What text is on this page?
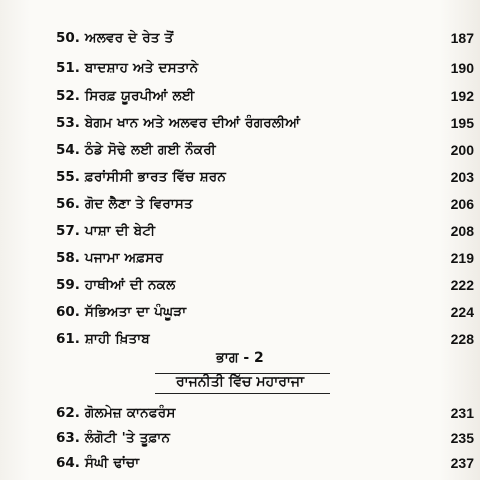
50. ਅਲਵਰ ਦੇ ਰੇਤ ਤੋਂ	187
51. ਬਾਦਸ਼ਾਹ ਅਤੇ ਦਸਤਾਨੇ	190
52. ਸਿਰਫ਼ ਯੂਰਪੀਆਂ ਲਈ	192
53. ਬੇਗਮ ਖਾਨ ਅਤੇ ਅਲਵਰ ਦੀਆਂ ਰੰਗਰਲੀਆਂ	195
54. ਠੰਡੇ ਸੋਢੇ ਲਈ ਗਈ ਨੌਕਰੀ	200
55. ਫ਼ਰਾਂਸੀਸੀ ਭਾਰਤ ਵਿੱਚ ਸ਼ਰਨ	203
56. ਗੋਦ ਲੈਣਾ ਤੇ ਵਿਰਾਸਤ	206
57. ਪਾਸ਼ਾ ਦੀ ਬੇਟੀ	208
58. ਪਜਾਮਾ ਅਫ਼ਸਰ	219
59. ਹਾਥੀਆਂ ਦੀ ਨਕਲ	222
60. ਸੱਭਿਅਤਾ ਦਾ ਪੰਘੂੜਾ	224
61. ਸ਼ਾਹੀ ਖ਼ਿਤਾਬ	228
ਭਾਗ - 2
ਰਾਜਨੀਤੀ ਵਿੱਚ ਮਹਾਰਾਜਾ
62. ਗੋਲਮੇਜ਼ ਕਾਨਫਰੰਸ	231
63. ਲੰਗੋਟੀ 'ਤੇ ਤੂਫ਼ਾਨ	235
64. ਸੰਘੀ ਢਾਂਚਾ	237
